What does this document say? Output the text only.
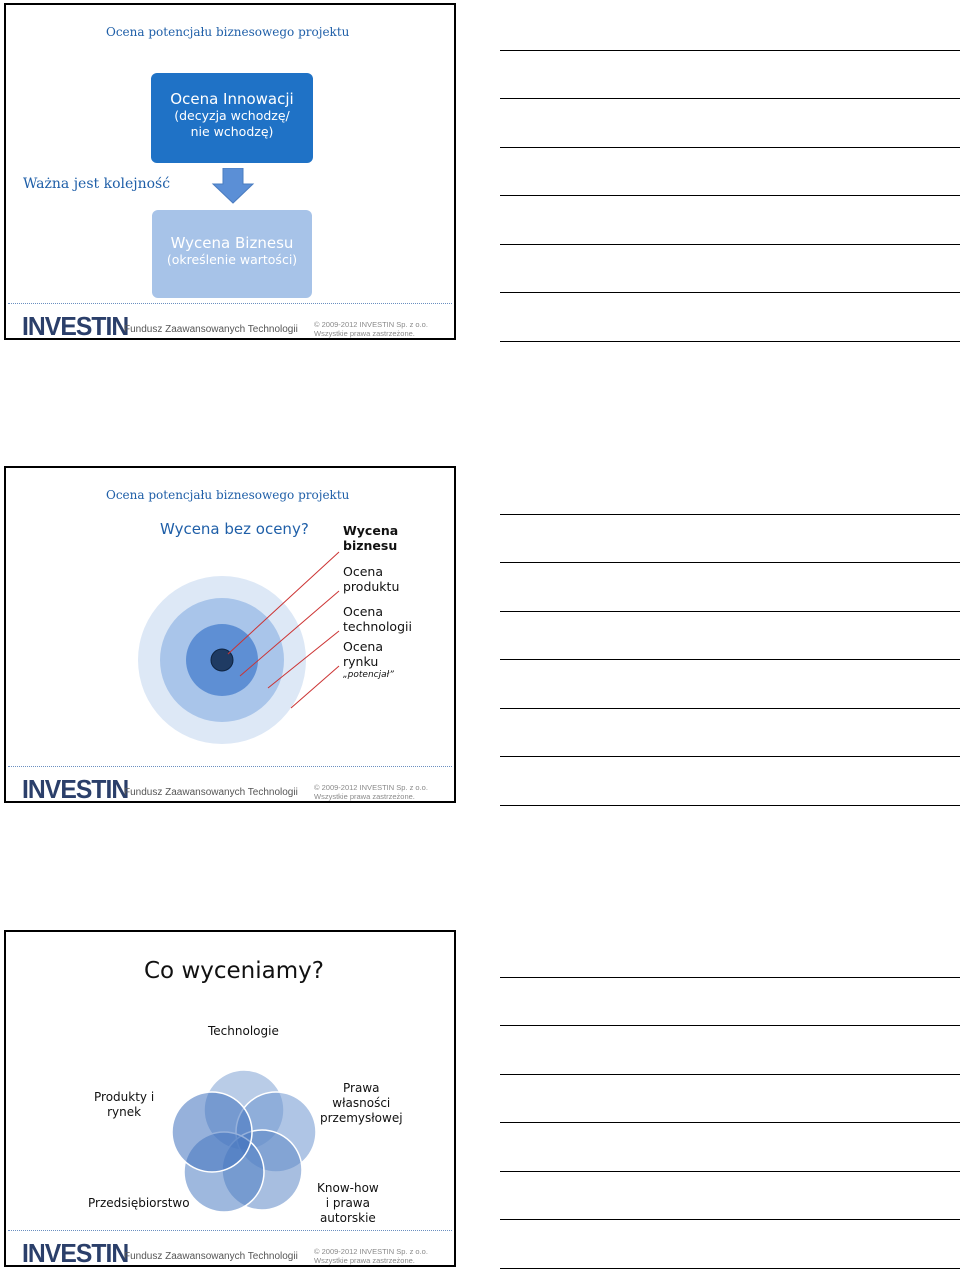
Ocena potencjału biznesowego projektu
Ocena Innowacji
(decyzja wchodzę/
nie wchodzę)
Ważna jest kolejność
Wycena Biznesu
(określenie wartości)
INVESTIN
Fundusz Zaawansowanych Technologii © 2009-2012 INVESTIN Sp. z o.o.
Wszystkie prawa zastrzeżone.
Ocena potencjału biznesowego projektu
Wycena bez oceny?	Wycena
biznesu
Ocena
produktu
Ocena
technologii
Ocena
rynku
„potencjał”
INVESTIN
Fundusz Zaawansowanych Technologii © 2009-2012 INVESTIN Sp. z o.o.
Wszystkie prawa zastrzeżone.
Co wyceniamy?
Technologie
Produkty i
rynek
Prawa
własności
przemysłowej
Przedsiębiorstwo
Know-how
i prawa
autorskie
INVESTIN
Fundusz Zaawansowanych Technologii © 2009-2012 INVESTIN Sp. z o.o.
Wszystkie prawa zastrzeżone.
